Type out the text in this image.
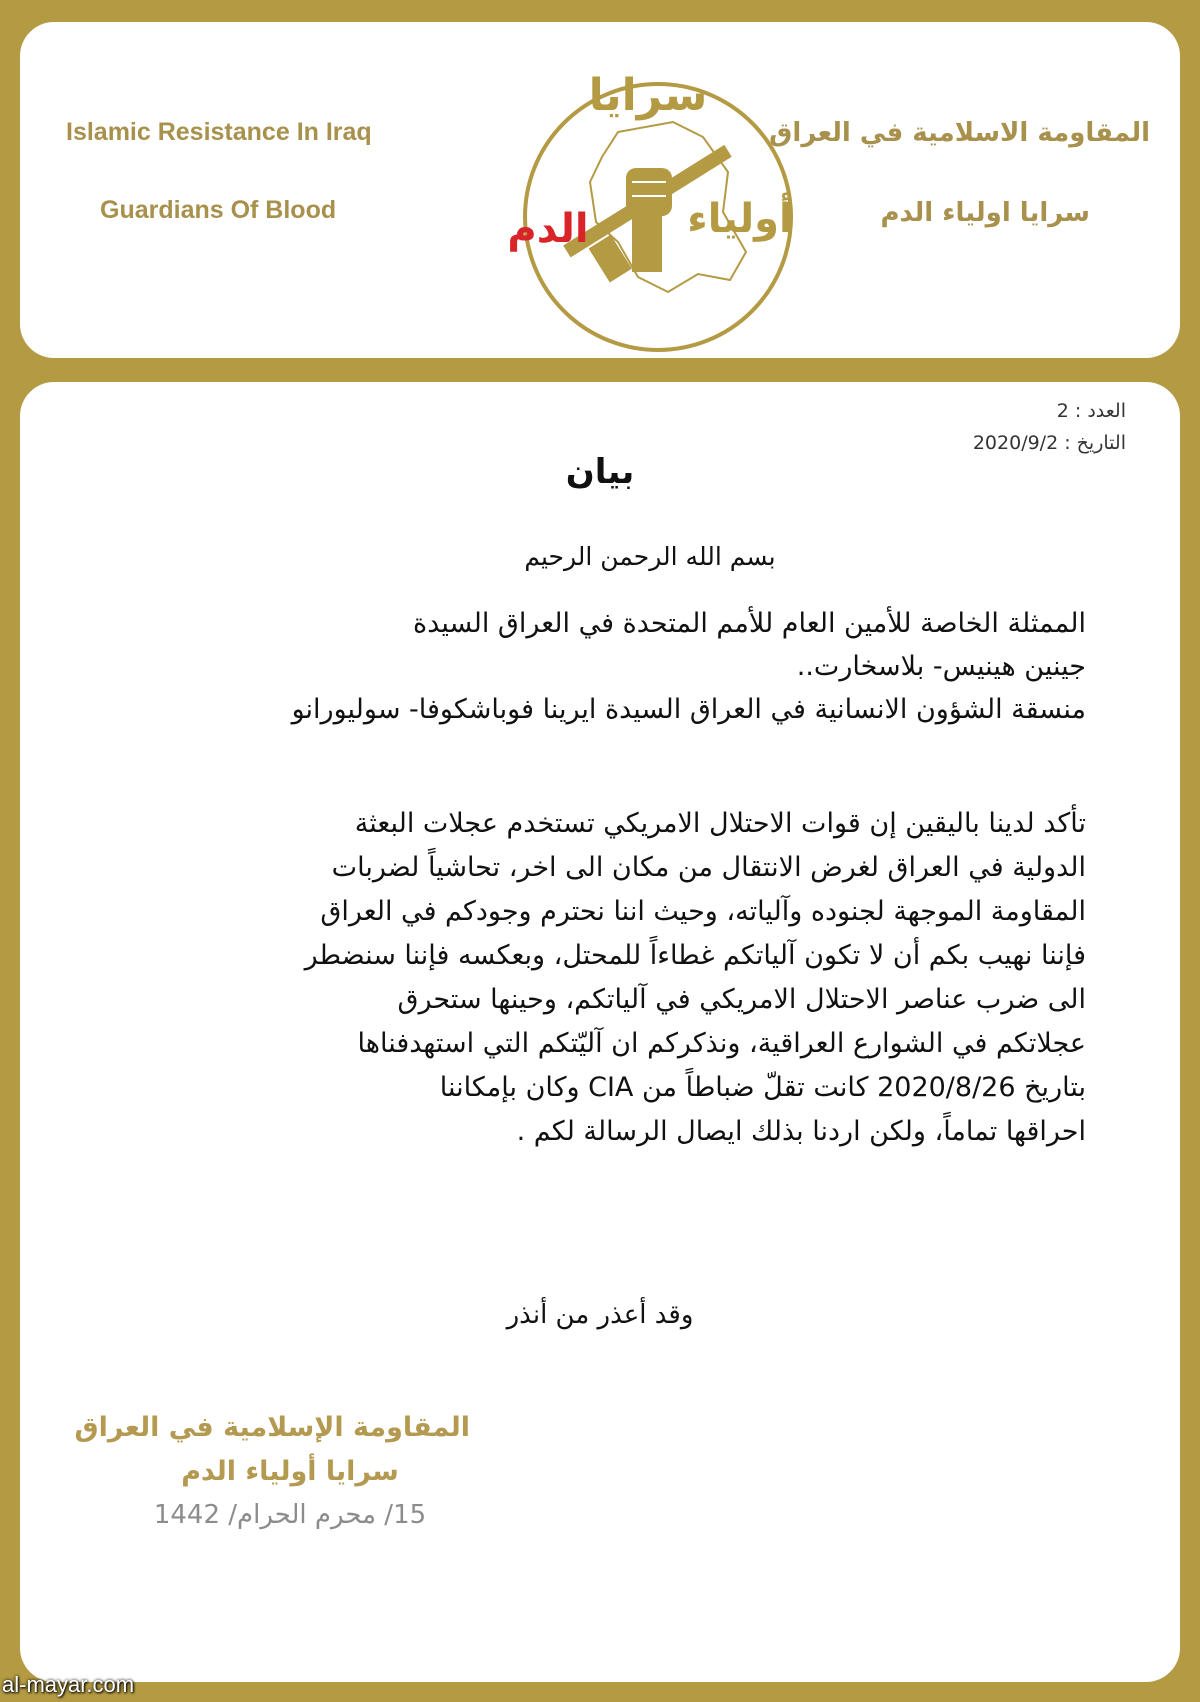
Islamic Resistance In Iraq
Guardians Of Blood
المقاومة الاسلامية في العراق
سرايا اولياء الدم
سرايا
أولياء
الدم
العدد : 2
التاريخ : 2020/9/2
بيان
بسم الله الرحمن الرحيم

الممثلة الخاصة للأمين العام للأمم المتحدة في العراق السيدة

جينين هينيس- بلاسخارت..

منسقة الشؤون الانسانية في العراق السيدة ايرينا فوباشكوفا- سوليورانو

تأكد لدينا باليقين إن قوات الاحتلال الامريكي تستخدم عجلات البعثة

الدولية في العراق لغرض الانتقال من مكان الى اخر، تحاشياً لضربات

المقاومة الموجهة لجنوده وآلياته، وحيث اننا نحترم وجودكم في العراق

فإننا نهيب بكم أن لا تكون آلياتكم غطاءاً للمحتل، وبعكسه فإننا سنضطر

الى ضرب عناصر الاحتلال الامريكي في آلياتكم، وحينها ستحرق

عجلاتكم في الشوارع العراقية، ونذكركم ان آليّتكم التي استهدفناها

بتاريخ 2020/8/26 كانت تقلّ ضباطاً من CIA وكان بإمكاننا

احراقها تماماً، ولكن اردنا بذلك ايصال الرسالة لكم .

وقد أعذر من أنذر
المقاومة الإسلامية في العراق
سرايا أولياء الدم
15/ محرم الحرام/ 1442
al-mayar.com
